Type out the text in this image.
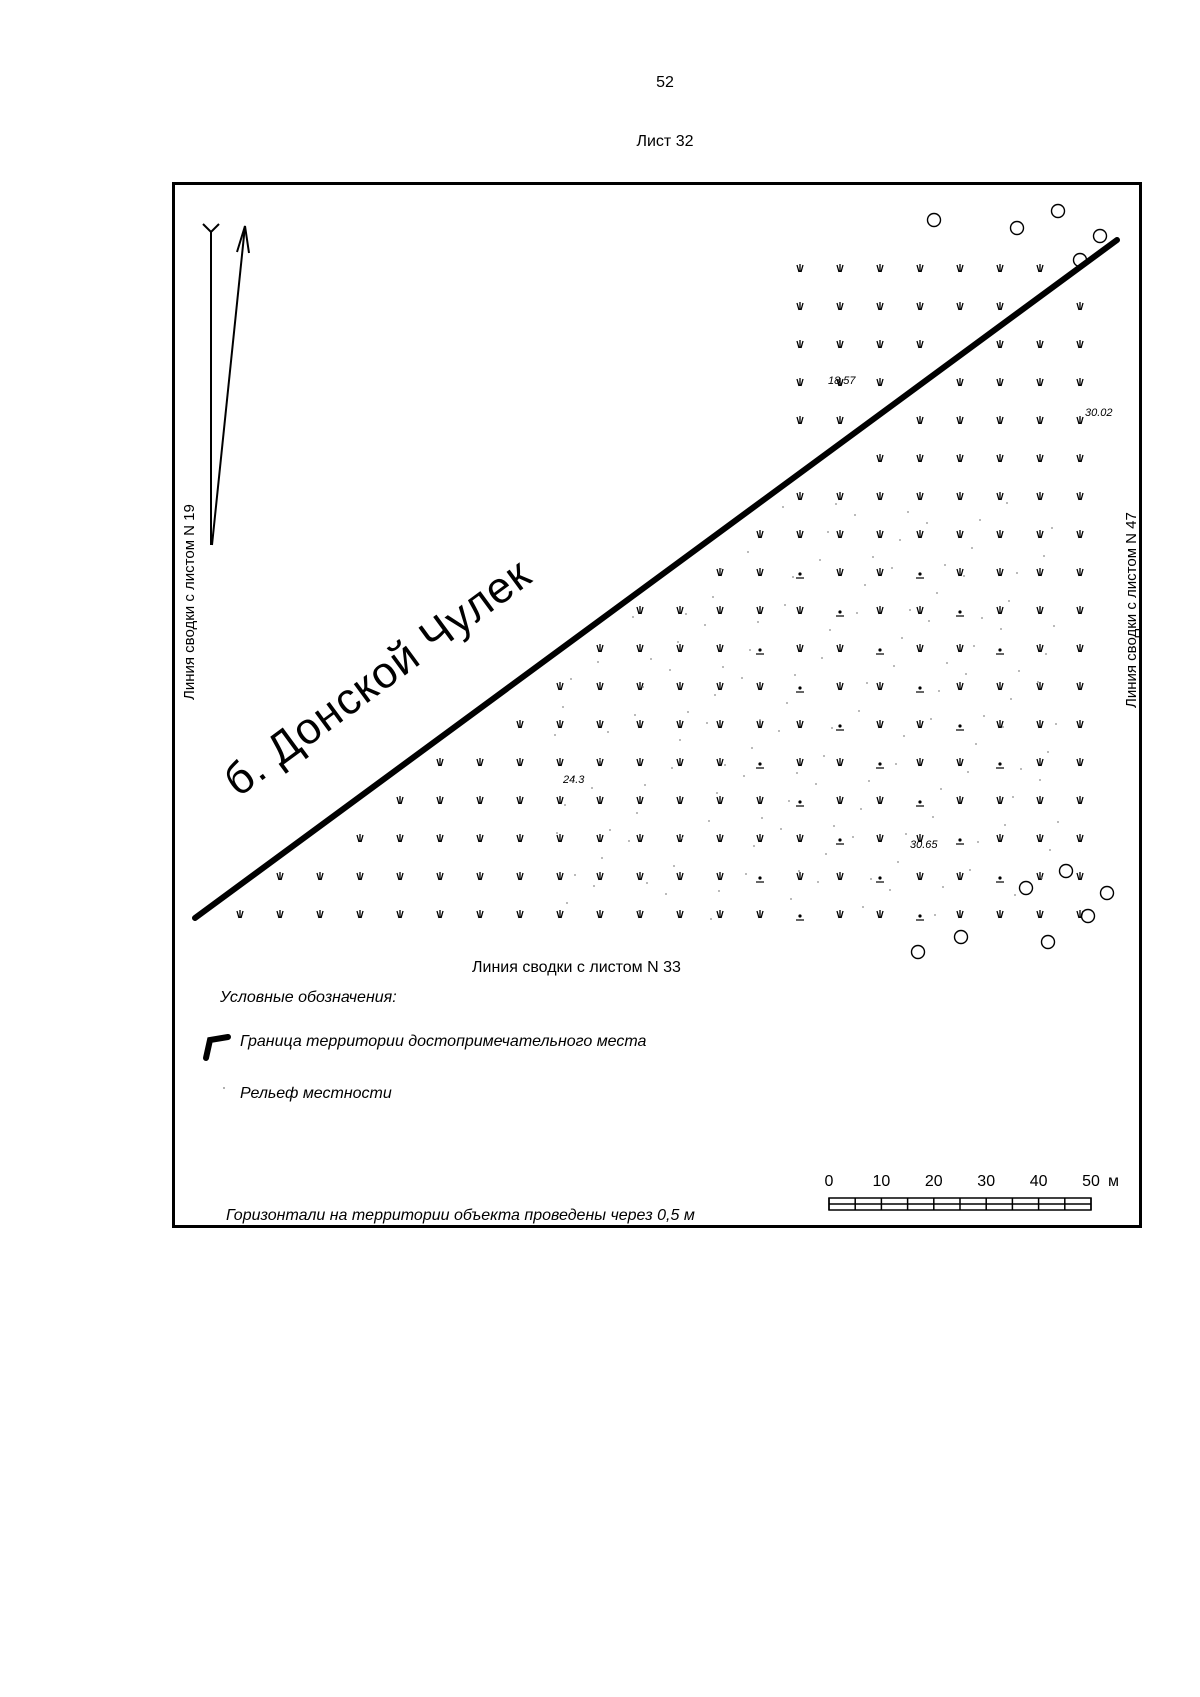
52
Лист 32
18.57
30.02
24.3
30.65
б. Донской Чулек
Линия сводки с листом N 19	Линия сводки с листом N 47
Линия сводки с листом N 33
Условные обозначения:
Граница территории достопримечательного места
Рельеф местности
Горизонтали на территории объекта проведены через 0,5 м
0 10 20 30 40 50 м
